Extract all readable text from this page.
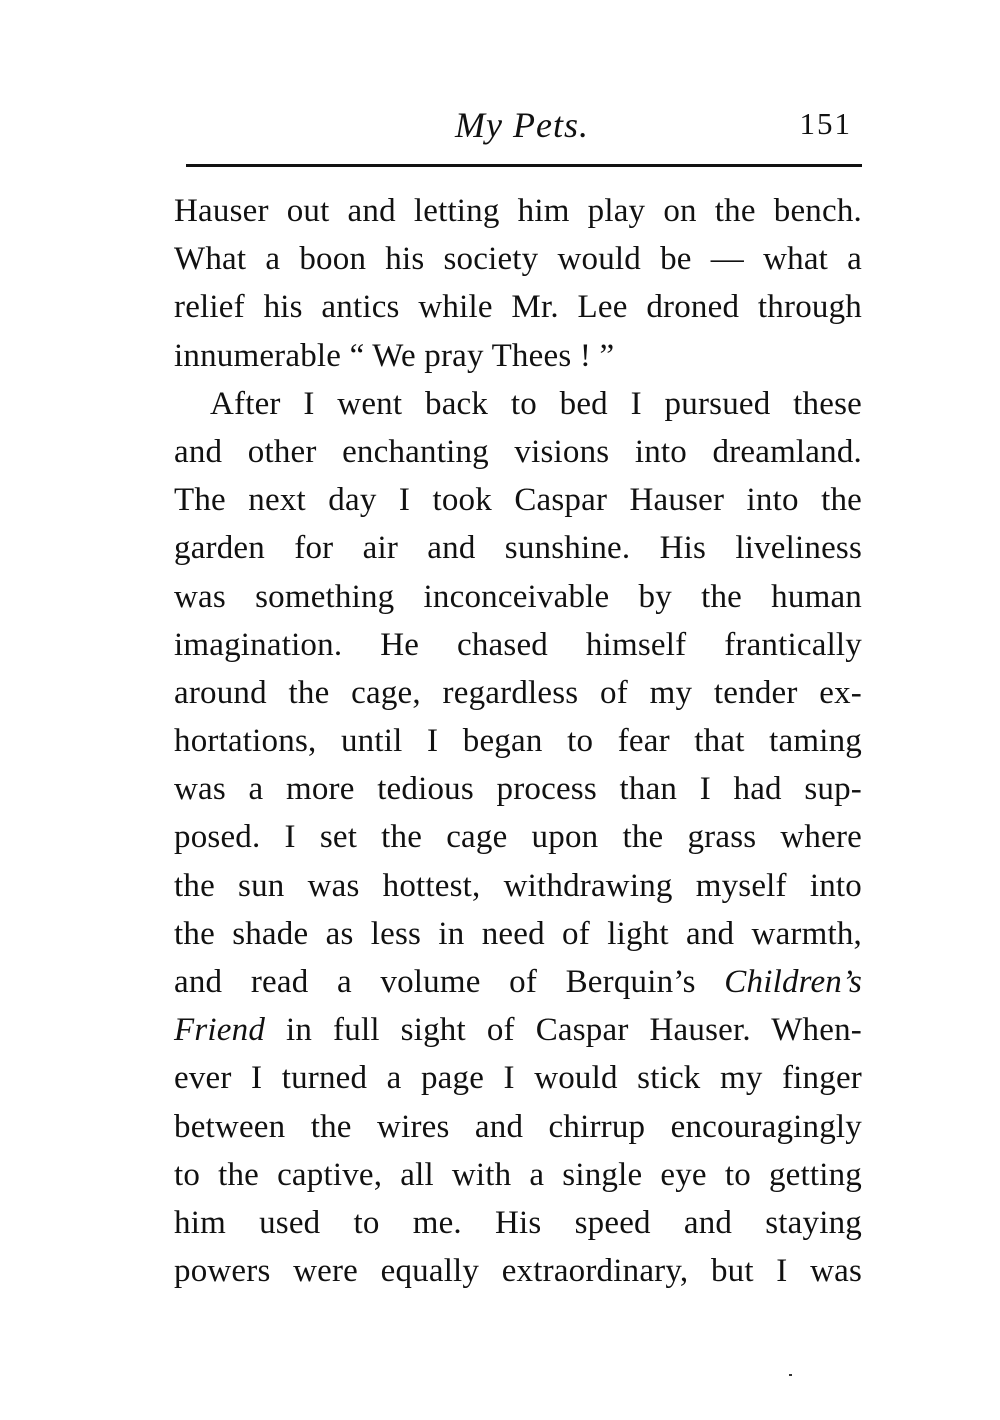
My Pets.	151
Hauser out and letting him play on the bench.
What a boon his society would be — what a
relief his antics while Mr. Lee droned through
innumerable “ We pray Thees ! ”
After I went back to bed I pursued these
and other enchanting visions into dreamland.
The next day I took Caspar Hauser into the
garden for air and sunshine. His liveliness
was something inconceivable by the human
imagination. He chased himself frantically
around the cage, regardless of my tender ex-
hortations, until I began to fear that taming
was a more tedious process than I had sup-
posed. I set the cage upon the grass where
the sun was hottest, withdrawing myself into
the shade as less in need of light and warmth,
and read a volume of Berquin’s Children’s
Friend in full sight of Caspar Hauser. When-
ever I turned a page I would stick my finger
between the wires and chirrup encouragingly
to the captive, all with a single eye to getting
him used to me. His speed and staying
powers were equally extraordinary, but I was
